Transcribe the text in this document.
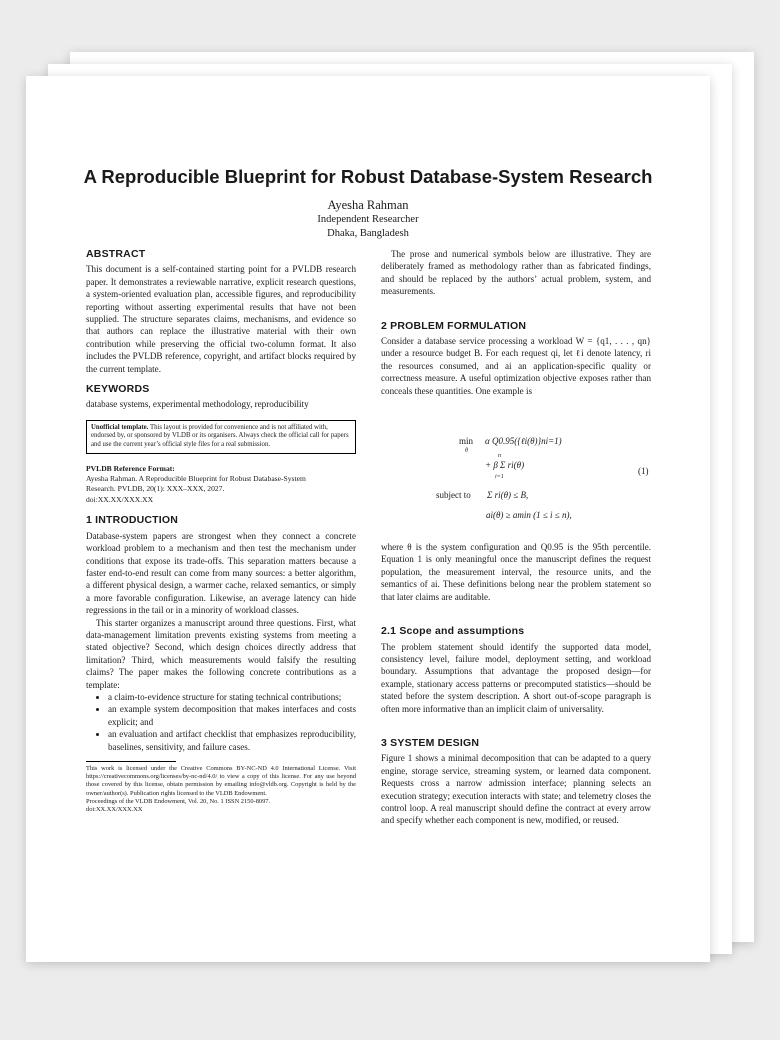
A Reproducible Blueprint for Robust Database-System Research
Ayesha Rahman
Independent Researcher
Dhaka, Bangladesh
ABSTRACT
This document is a self-contained starting point for a PVLDB research paper. It demonstrates a reviewable narrative, explicit research questions, a system-oriented evaluation plan, accessible figures, and reproducibility reporting without asserting experimental results that have not been supplied. The structure separates claims, mechanisms, and evidence so that authors can replace the illustrative material with their own contribution while preserving the official two-column format. It also includes the PVLDB reference, copyright, and artifact blocks required by the current template.
KEYWORDS
database systems, experimental methodology, reproducibility
Unofficial template. This layout is provided for convenience and is not affiliated with, endorsed by, or sponsored by VLDB or its organisers. Always check the official call for papers and use the current year’s official style files for a real submission.
PVLDB Reference Format:
Ayesha Rahman. A Reproducible Blueprint for Robust Database-System
Research. PVLDB, 20(1): XXX–XXX, 2027.
doi:XX.XX/XXX.XX
1 INTRODUCTION
Database-system papers are strongest when they connect a concrete workload problem to a mechanism and then test the mechanism under conditions that expose its trade-offs. This separation matters because a faster end-to-end result can come from many sources: a better algorithm, a different physical design, a warmer cache, relaxed semantics, or simply a more favorable configuration. Likewise, an average latency can hide regressions in the tail or in a minority of workload classes.
This starter organizes a manuscript around three questions. First, what data-management limitation prevents existing systems from meeting a stated objective? Second, which design choices directly address that limitation? Third, which measurements would falsify the resulting claims? The paper makes the following concrete contributions as a template:
• a claim-to-evidence structure for stating technical contributions;
• an example system decomposition that makes interfaces and costs explicit; and
• an evaluation and artifact checklist that emphasizes reproducibility, baselines, sensitivity, and failure cases.
This work is licensed under the Creative Commons BY-NC-ND 4.0 International License. Visit https://creativecommons.org/licenses/by-nc-nd/4.0/ to view a copy of this license. For any use beyond those covered by this license, obtain permission by emailing info@vldb.org. Copyright is held by the owner/author(s). Publication rights licensed to the VLDB Endowment.
Proceedings of the VLDB Endowment, Vol. 20, No. 1 ISSN 2150-8097.
doi:XX.XX/XXX.XX
The prose and numerical symbols below are illustrative. They are deliberately framed as methodology rather than as fabricated findings, and should be replaced by the authors’ actual problem, system, and measurements.
2 PROBLEM FORMULATION
Consider a database service processing a workload W = {q1, . . . , qn} under a resource budget B. For each request qi, let ℓi denote latency, ri the resources consumed, and ai an application-specific quality or correctness measure. A useful optimization objective exposes rather than conceals these quantities. One example is
min
θ
α Q0.95({ℓi(θ)}ni=1)
n
+ β Σ ri(θ)
i=1
subject to Σ ri(θ) ≤ B,
ai(θ) ≥ amin (1 ≤ i ≤ n),
(1)
where θ is the system configuration and Q0.95 is the 95th percentile. Equation 1 is only meaningful once the manuscript defines the request population, the measurement interval, the resource units, and the semantics of ai. These definitions belong near the problem statement so that later claims are auditable.
2.1 Scope and assumptions
The problem statement should identify the supported data model, consistency level, failure model, deployment setting, and workload boundary. Assumptions that advantage the proposed design—for example, stationary access patterns or precomputed statistics—should be stated before the system description. A short out-of-scope paragraph is often more informative than an implicit claim of universality.
3 SYSTEM DESIGN
Figure 1 shows a minimal decomposition that can be adapted to a query engine, storage service, streaming system, or learned data component. Requests cross a narrow admission interface; planning selects an execution strategy; execution interacts with state; and telemetry closes the control loop. A real manuscript should define the contract at every arrow and specify whether each component is new, modified, or reused.
